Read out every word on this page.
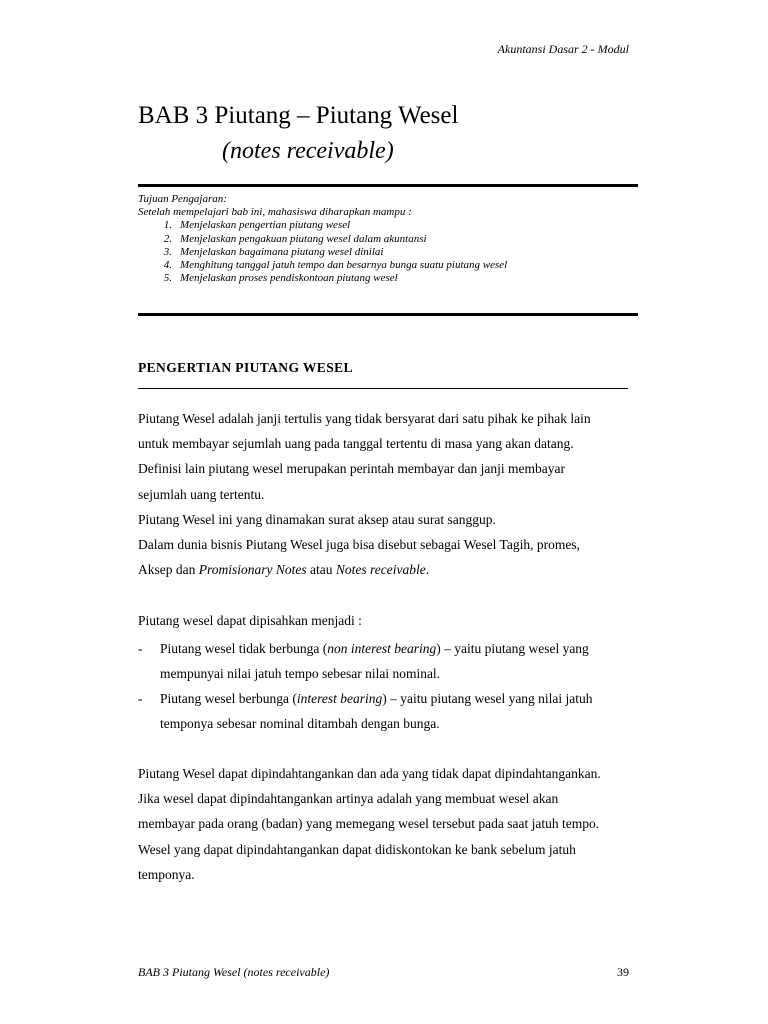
Akuntansi Dasar 2 - Modul
BAB 3 Piutang – Piutang Wesel
(notes receivable)
Tujuan Pengajaran:
Setelah mempelajari bab ini, mahasiswa diharapkan mampu :
1. Menjelaskan pengertian piutang wesel
2. Menjelaskan pengakuan piutang wesel dalam akuntansi
3. Menjelaskan bagaimana piutang wesel dinilai
4. Menghitung tanggal jatuh tempo dan besarnya bunga suatu piutang wesel
5. Menjelaskan proses pendiskontoan piutang wesel
PENGERTIAN PIUTANG WESEL

Piutang Wesel adalah janji tertulis yang tidak bersyarat dari satu pihak ke pihak lain

untuk membayar sejumlah uang pada tanggal tertentu di masa yang akan datang.

Definisi lain piutang wesel merupakan perintah membayar dan janji membayar

sejumlah uang tertentu.

Piutang Wesel ini yang dinamakan surat aksep atau surat sanggup.

Dalam dunia bisnis Piutang Wesel juga bisa disebut sebagai Wesel Tagih, promes,

Aksep dan Promisionary Notes atau Notes receivable.

Piutang wesel dapat dipisahkan menjadi :
- Piutang wesel tidak berbunga (non interest bearing) – yaitu piutang wesel yang
mempunyai nilai jatuh tempo sebesar nilai nominal.
- Piutang wesel berbunga (interest bearing) – yaitu piutang wesel yang nilai jatuh
temponya sebesar nominal ditambah dengan bunga.

Piutang Wesel dapat dipindahtangankan dan ada yang tidak dapat dipindahtangankan.

Jika wesel dapat dipindahtangankan artinya adalah yang membuat wesel akan

membayar pada orang (badan) yang memegang wesel tersebut pada saat jatuh tempo.

Wesel yang dapat dipindahtangankan dapat didiskontokan ke bank sebelum jatuh

temponya.

BAB 3 Piutang Wesel (notes receivable)	39
